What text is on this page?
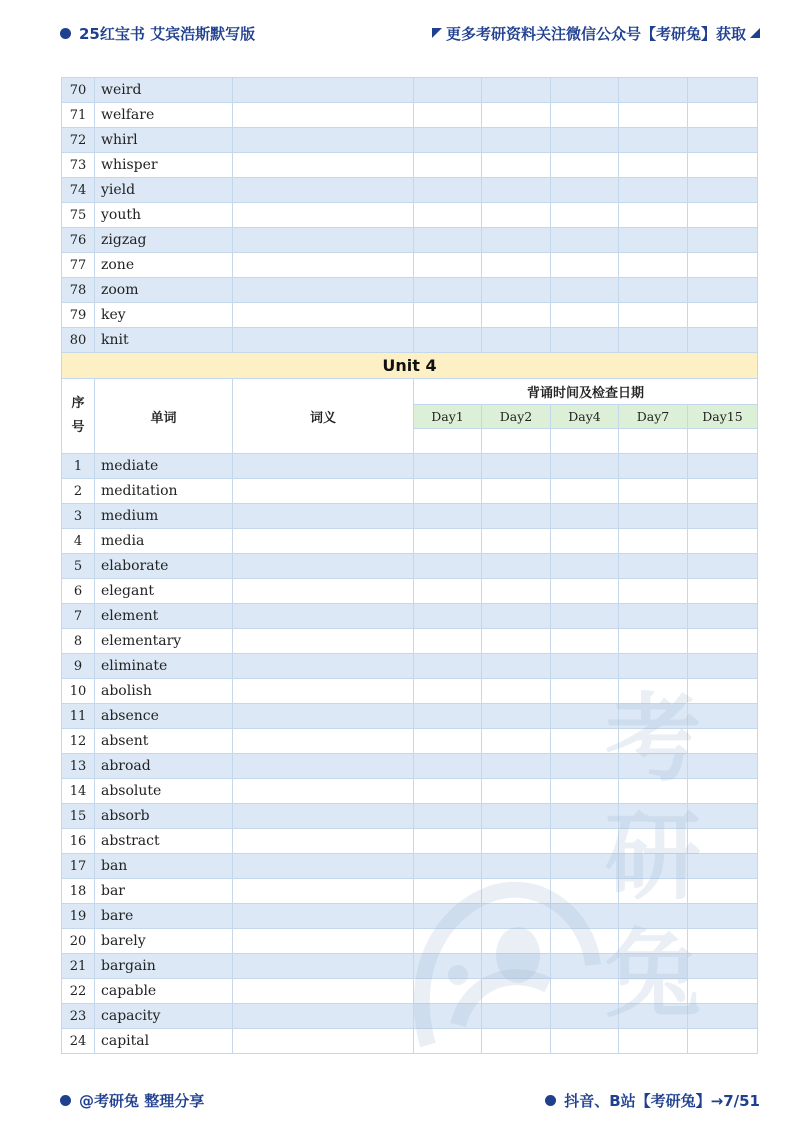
25红宝书 艾宾浩斯默写版	更多考研资料关注微信公众号【考研兔】获取
70	weird						
71	welfare						
72	whirl						
73	whisper						
74	yield						
75	youth						
76	zigzag						
77	zone						
78	zoom						
79	key						
80	knit						
Unit 4							
序
号	单词	词义	背诵时间及检查日期				
			Day1	Day2	Day4	Day7	Day15

1	mediate						
2	meditation						
3	medium						
4	media						
5	elaborate						
6	elegant						
7	element						
8	elementary						
9	eliminate						
10	abolish						
11	absence						
12	absent						
13	abroad						
14	absolute						
15	absorb						
16	abstract						
17	ban						
18	bar						
19	bare						
20	barely						
21	bargain						
22	capable						
23	capacity						
24	capital						
考研兔
@考研兔 整理分享	抖音、B站【考研兔】→7/51
